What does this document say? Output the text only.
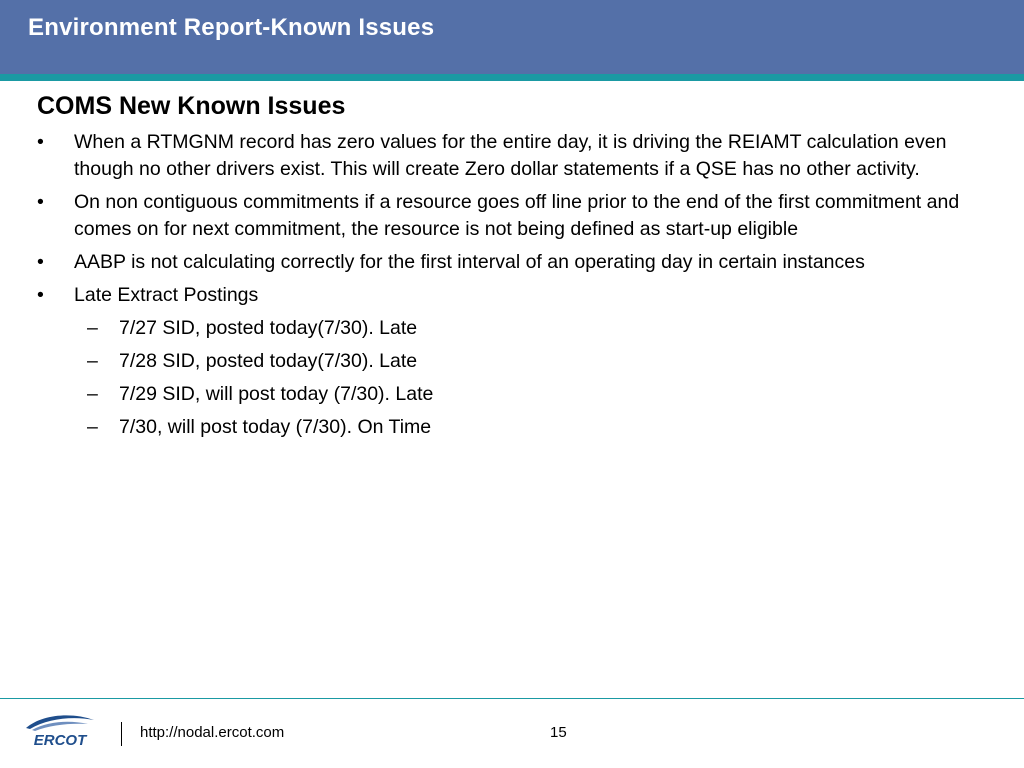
Environment Report-Known Issues
COMS New Known Issues
• When a RTMGNM record has zero values for the entire day, it is driving the REIAMT calculation even though no other drivers exist. This will create Zero dollar statements if a QSE has no other activity.
• On non contiguous commitments if a resource goes off line prior to the end of the first commitment and comes on for next commitment, the resource is not being defined as start-up eligible
• AABP is not calculating correctly for the first interval of an operating day in certain instances
• Late Extract Postings
–	7/27 SID, posted today(7/30). Late
–	7/28 SID, posted today(7/30). Late
–	7/29 SID, will post today (7/30). Late
–	7/30, will post today (7/30). On Time
ERCOT	http://nodal.ercot.com	15
